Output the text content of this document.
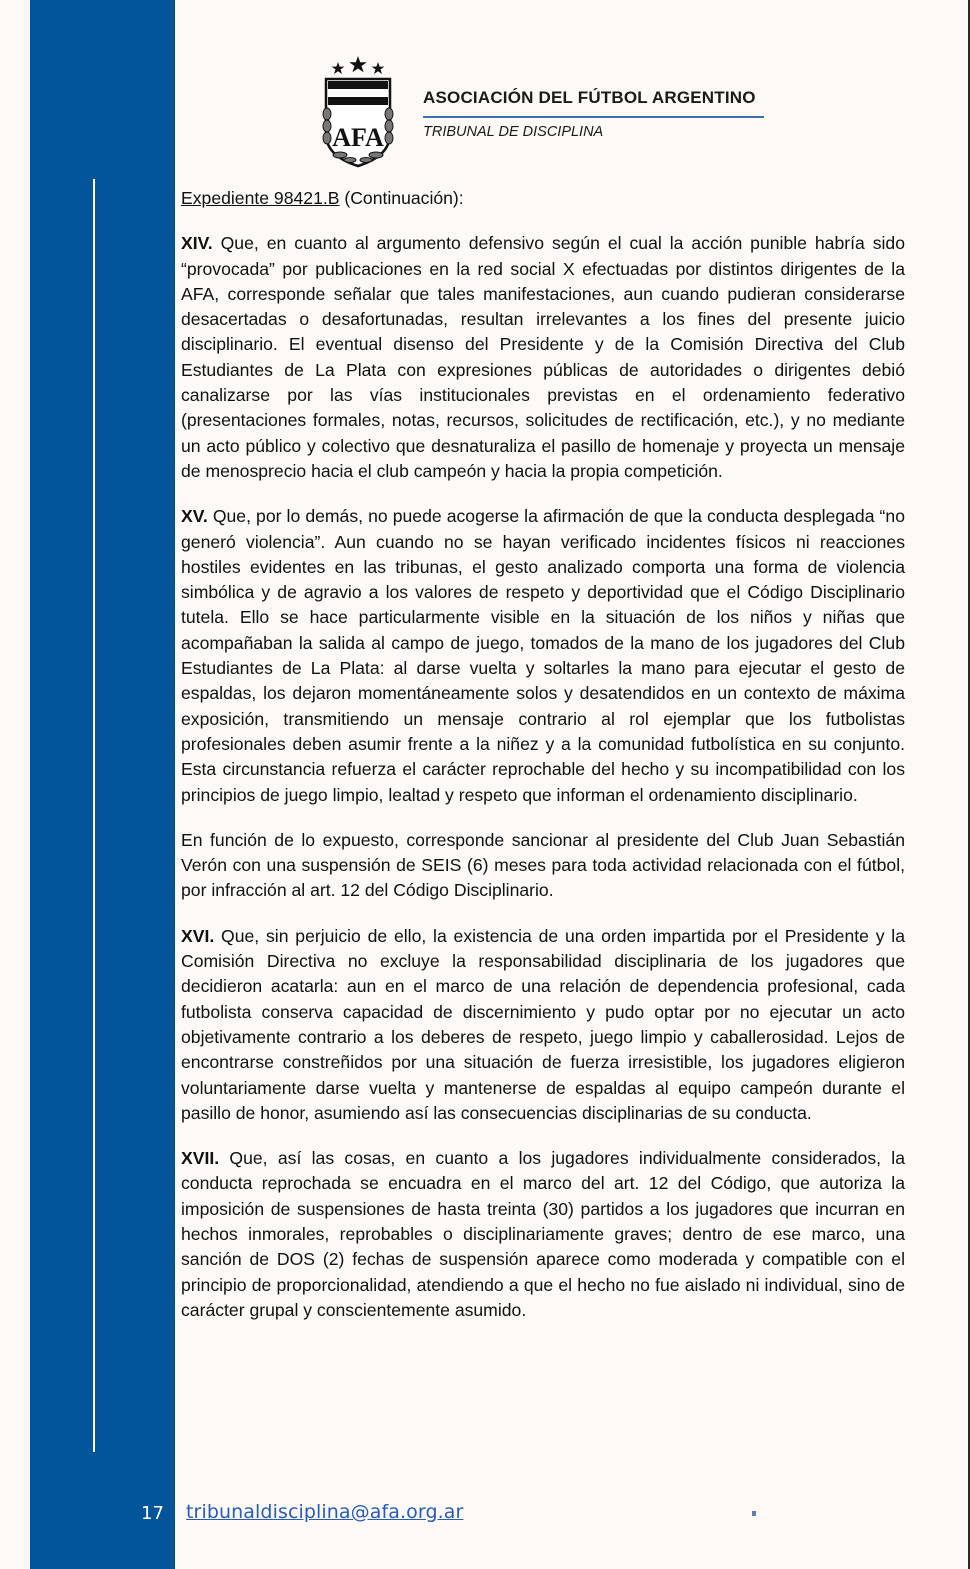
17
AFA
ASOCIACIÓN DEL FÚTBOL ARGENTINO
TRIBUNAL DE DISCIPLINA

Expediente 98421.B (Continuación):

XIV. Que, en cuanto al argumento defensivo según el cual la acción punible habría sido “provocada” por publicaciones en la red social X efectuadas por distintos dirigentes de la AFA, corresponde señalar que tales manifestaciones, aun cuando pudieran considerarse desacertadas o desafortunadas, resultan irrelevantes a los fines del presente juicio disciplinario. El eventual disenso del Presidente y de la Comisión Directiva del Club Estudiantes de La Plata con expresiones públicas de autoridades o dirigentes debió canalizarse por las vías institucionales previstas en el ordenamiento federativo (presentaciones formales, notas, recursos, solicitudes de rectificación, etc.), y no mediante un acto público y colectivo que desnaturaliza el pasillo de homenaje y proyecta un mensaje de menosprecio hacia el club campeón y hacia la propia competición.

XV. Que, por lo demás, no puede acogerse la afirmación de que la conducta desplegada “no generó violencia”. Aun cuando no se hayan verificado incidentes físicos ni reacciones hostiles evidentes en las tribunas, el gesto analizado comporta una forma de violencia simbólica y de agravio a los valores de respeto y deportividad que el Código Disciplinario tutela. Ello se hace particularmente visible en la situación de los niños y niñas que acompañaban la salida al campo de juego, tomados de la mano de los jugadores del Club Estudiantes de La Plata: al darse vuelta y soltarles la mano para ejecutar el gesto de espaldas, los dejaron momentáneamente solos y desatendidos en un contexto de máxima exposición, transmitiendo un mensaje contrario al rol ejemplar que los futbolistas profesionales deben asumir frente a la niñez y a la comunidad futbolística en su conjunto. Esta circunstancia refuerza el carácter reprochable del hecho y su incompatibilidad con los principios de juego limpio, lealtad y respeto que informan el ordenamiento disciplinario.

En función de lo expuesto, corresponde sancionar al presidente del Club Juan Sebastián Verón con una suspensión de SEIS (6) meses para toda actividad relacionada con el fútbol, por infracción al art. 12 del Código Disciplinario.

XVI. Que, sin perjuicio de ello, la existencia de una orden impartida por el Presidente y la Comisión Directiva no excluye la responsabilidad disciplinaria de los jugadores que decidieron acatarla: aun en el marco de una relación de dependencia profesional, cada futbolista conserva capacidad de discernimiento y pudo optar por no ejecutar un acto objetivamente contrario a los deberes de respeto, juego limpio y caballerosidad. Lejos de encontrarse constreñidos por una situación de fuerza irresistible, los jugadores eligieron voluntariamente darse vuelta y mantenerse de espaldas al equipo campeón durante el pasillo de honor, asumiendo así las consecuencias disciplinarias de su conducta.

XVII. Que, así las cosas, en cuanto a los jugadores individualmente considerados, la conducta reprochada se encuadra en el marco del art. 12 del Código, que autoriza la imposición de suspensiones de hasta treinta (30) partidos a los jugadores que incurran en hechos inmorales, reprobables o disciplinariamente graves; dentro de ese marco, una sanción de DOS (2) fechas de suspensión aparece como moderada y compatible con el principio de proporcionalidad, atendiendo a que el hecho no fue aislado ni individual, sino de carácter grupal y conscientemente asumido.

tribunaldisciplina@afa.org.ar
